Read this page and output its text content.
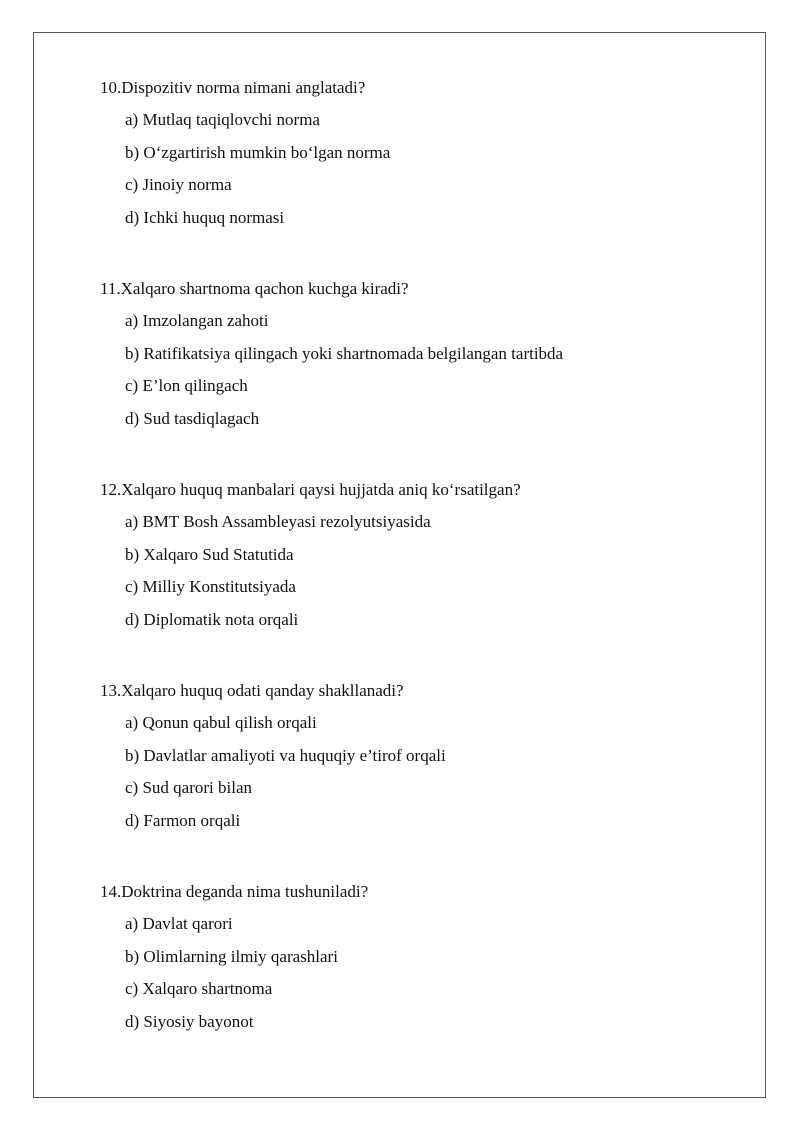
10.Dispozitiv norma nimani anglatadi?
a) Mutlaq taqiqlovchi norma
b) O‘zgartirish mumkin bo‘lgan norma
c) Jinoiy norma
d) Ichki huquq normasi
11.Xalqaro shartnoma qachon kuchga kiradi?
a) Imzolangan zahoti
b) Ratifikatsiya qilingach yoki shartnomada belgilangan tartibda
c) E’lon qilingach
d) Sud tasdiqlagach
12.Xalqaro huquq manbalari qaysi hujjatda aniq ko‘rsatilgan?
a) BMT Bosh Assambleyasi rezolyutsiyasida
b) Xalqaro Sud Statutida
c) Milliy Konstitutsiyada
d) Diplomatik nota orqali
13.Xalqaro huquq odati qanday shakllanadi?
a) Qonun qabul qilish orqali
b) Davlatlar amaliyoti va huquqiy e’tirof orqali
c) Sud qarori bilan
d) Farmon orqali
14.Doktrina deganda nima tushuniladi?
a) Davlat qarori
b) Olimlarning ilmiy qarashlari
c) Xalqaro shartnoma
d) Siyosiy bayonot
